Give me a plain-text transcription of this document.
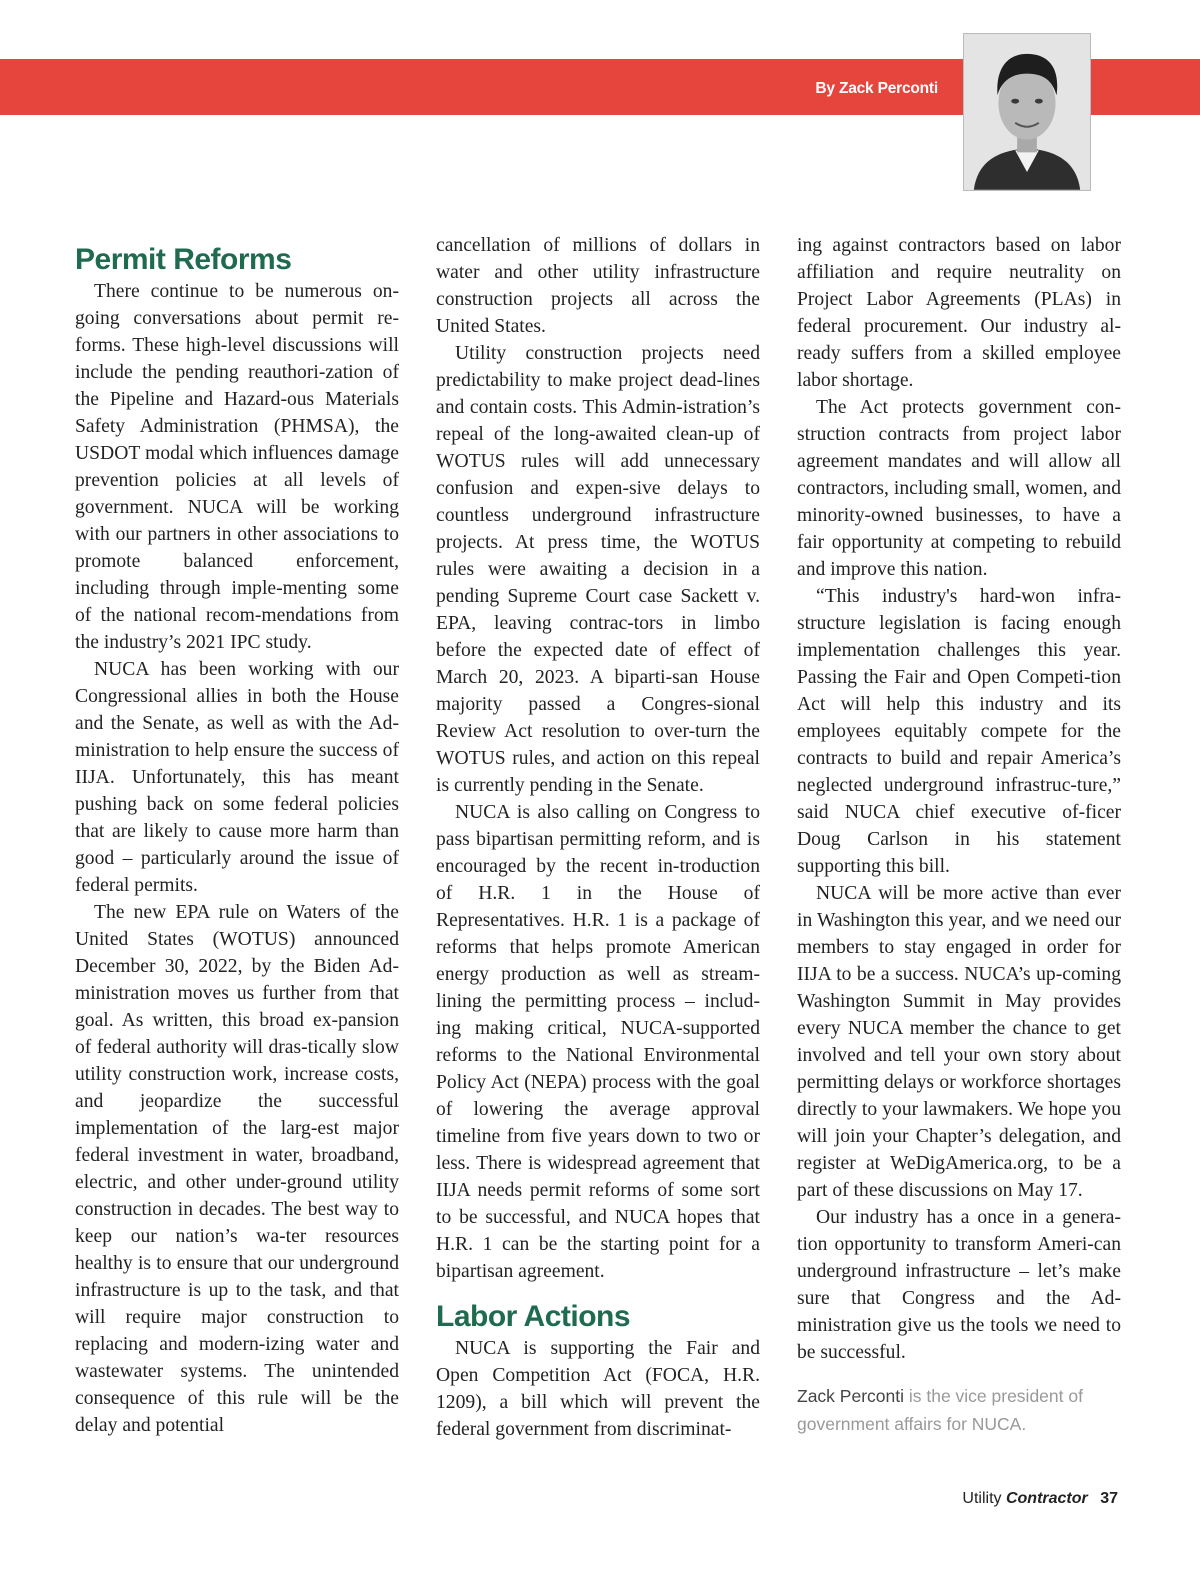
By Zack Perconti
Permit Reforms

There continue to be numerous on-going conversations about permit re-forms. These high-level discussions will include the pending reauthori-zation of the Pipeline and Hazard-ous Materials Safety Administration (PHMSA), the USDOT modal which influences damage prevention policies at all levels of government. NUCA will be working with our partners in other associations to promote balanced enforcement, including through imple-menting some of the national recom-mendations from the industry’s 2021 IPC study.

NUCA has been working with our Congressional allies in both the House and the Senate, as well as with the Ad-ministration to help ensure the success of IIJA. Unfortunately, this has meant pushing back on some federal policies that are likely to cause more harm than good – particularly around the issue of federal permits.

The new EPA rule on Waters of the United States (WOTUS) announced December 30, 2022, by the Biden Ad-ministration moves us further from that goal. As written, this broad ex-pansion of federal authority will dras-tically slow utility construction work, increase costs, and jeopardize the successful implementation of the larg-est major federal investment in water, broadband, electric, and other under-ground utility construction in decades. The best way to keep our nation’s wa-ter resources healthy is to ensure that our underground infrastructure is up to the task, and that will require major construction to replacing and modern-izing water and wastewater systems. The unintended consequence of this rule will be the delay and potential

cancellation of millions of dollars in water and other utility infrastructure construction projects all across the United States.

Utility construction projects need predictability to make project dead-lines and contain costs. This Admin-istration’s repeal of the long-awaited clean-up of WOTUS rules will add unnecessary confusion and expen-sive delays to countless underground infrastructure projects. At press time, the WOTUS rules were awaiting a decision in a pending Supreme Court case Sackett v. EPA, leaving contrac-tors in limbo before the expected date of effect of March 20, 2023. A biparti-san House majority passed a Congres-sional Review Act resolution to over-turn the WOTUS rules, and action on this repeal is currently pending in the Senate.

NUCA is also calling on Congress to pass bipartisan permitting reform, and is encouraged by the recent in-troduction of H.R. 1 in the House of Representatives. H.R. 1 is a package of reforms that helps promote American energy production as well as stream-lining the permitting process – includ-ing making critical, NUCA-supported reforms to the National Environmental Policy Act (NEPA) process with the goal of lowering the average approval timeline from five years down to two or less. There is widespread agreement that IIJA needs permit reforms of some sort to be successful, and NUCA hopes that H.R. 1 can be the starting point for a bipartisan agreement.

Labor Actions

NUCA is supporting the Fair and Open Competition Act (FOCA, H.R. 1209), a bill which will prevent the federal government from discriminat-

ing against contractors based on labor affiliation and require neutrality on Project Labor Agreements (PLAs) in federal procurement. Our industry al-ready suffers from a skilled employee labor shortage.

The Act protects government con-struction contracts from project labor agreement mandates and will allow all contractors, including small, women, and minority-owned businesses, to have a fair opportunity at competing to rebuild and improve this nation.

“This industry's hard-won infra-structure legislation is facing enough implementation challenges this year. Passing the Fair and Open Competi-tion Act will help this industry and its employees equitably compete for the contracts to build and repair America’s neglected underground infrastruc-ture,” said NUCA chief executive of-ficer Doug Carlson in his statement supporting this bill.

NUCA will be more active than ever in Washington this year, and we need our members to stay engaged in order for IIJA to be a success. NUCA’s up-coming Washington Summit in May provides every NUCA member the chance to get involved and tell your own story about permitting delays or workforce shortages directly to your lawmakers. We hope you will join your Chapter’s delegation, and register at WeDigAmerica.org, to be a part of these discussions on May 17.

Our industry has a once in a genera-tion opportunity to transform Ameri-can underground infrastructure – let’s make sure that Congress and the Ad-ministration give us the tools we need to be successful.

Zack Perconti is the vice president of government affairs for NUCA.
Utility Contractor 37
